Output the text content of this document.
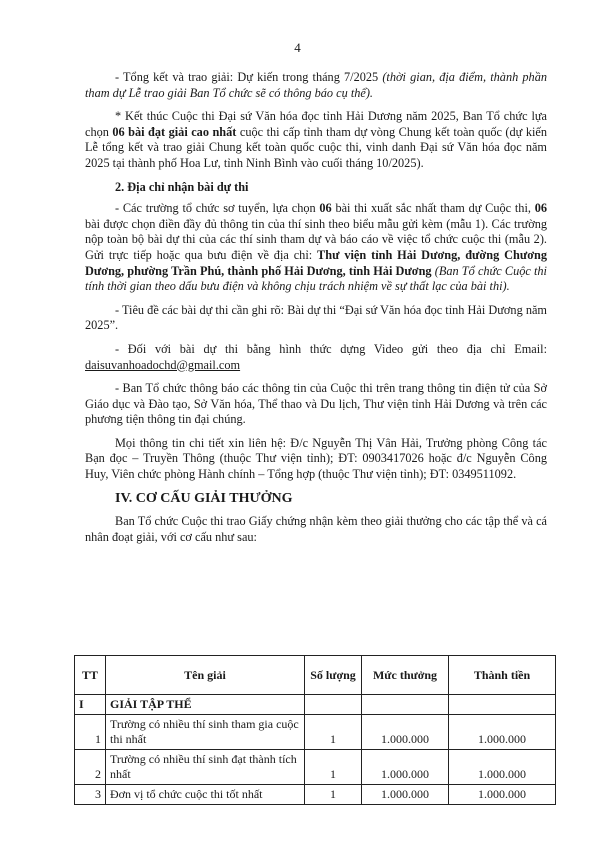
4

- Tổng kết và trao giải: Dự kiến trong tháng 7/2025 (thời gian, địa điểm, thành phần tham dự Lễ trao giải Ban Tổ chức sẽ có thông báo cụ thể).

* Kết thúc Cuộc thi Đại sứ Văn hóa đọc tỉnh Hải Dương năm 2025, Ban Tổ chức lựa chọn 06 bài đạt giải cao nhất cuộc thi cấp tỉnh tham dự vòng Chung kết toàn quốc (dự kiến Lễ tổng kết và trao giải Chung kết toàn quốc cuộc thi, vinh danh Đại sứ Văn hóa đọc năm 2025 tại thành phố Hoa Lư, tỉnh Ninh Bình vào cuối tháng 10/2025).

2. Địa chỉ nhận bài dự thi

- Các trường tổ chức sơ tuyển, lựa chọn 06 bài thi xuất sắc nhất tham dự Cuộc thi, 06 bài được chọn điền đầy đủ thông tin của thí sinh theo biểu mẫu gửi kèm (mẫu 1). Các trường nộp toàn bộ bài dự thi của các thí sinh tham dự và báo cáo về việc tổ chức cuộc thi (mẫu 2). Gửi trực tiếp hoặc qua bưu điện về địa chỉ: Thư viện tỉnh Hải Dương, đường Chương Dương, phường Trần Phú, thành phố Hải Dương, tỉnh Hải Dương (Ban Tổ chức Cuộc thi tính thời gian theo dấu bưu điện và không chịu trách nhiệm về sự thất lạc của bài thi).

- Tiêu đề các bài dự thi cần ghi rõ: Bài dự thi “Đại sứ Văn hóa đọc tỉnh Hải Dương năm 2025”.

- Đối với bài dự thi bằng hình thức dựng Video gửi theo địa chỉ Email: daisuvanhoadochd@gmail.com

- Ban Tổ chức thông báo các thông tin của Cuộc thi trên trang thông tin điện tử của Sở Giáo dục và Đào tạo, Sở Văn hóa, Thể thao và Du lịch, Thư viện tỉnh Hải Dương và trên các phương tiện thông tin đại chúng.

Mọi thông tin chi tiết xin liên hệ: Đ/c Nguyễn Thị Vân Hải, Trưởng phòng Công tác Bạn đọc – Truyền Thông (thuộc Thư viện tỉnh); ĐT: 0903417026 hoặc đ/c Nguyễn Công Huy, Viên chức phòng Hành chính – Tổng hợp (thuộc Thư viện tỉnh); ĐT: 0349511092.

IV. CƠ CẤU GIẢI THƯỞNG

Ban Tổ chức Cuộc thi trao Giấy chứng nhận kèm theo giải thưởng cho các tập thể và cá nhân đoạt giải, với cơ cấu như sau:

TT	Tên giải	Số lượng	Mức thưởng	Thành tiền
I	GIẢI TẬP THỂ			
1	Trường có nhiều thí sinh tham gia cuộc thi nhất	1	1.000.000	1.000.000
2	Trường có nhiều thí sinh đạt thành tích nhất	1	1.000.000	1.000.000
3	Đơn vị tổ chức cuộc thi tốt nhất	1	1.000.000	1.000.000
